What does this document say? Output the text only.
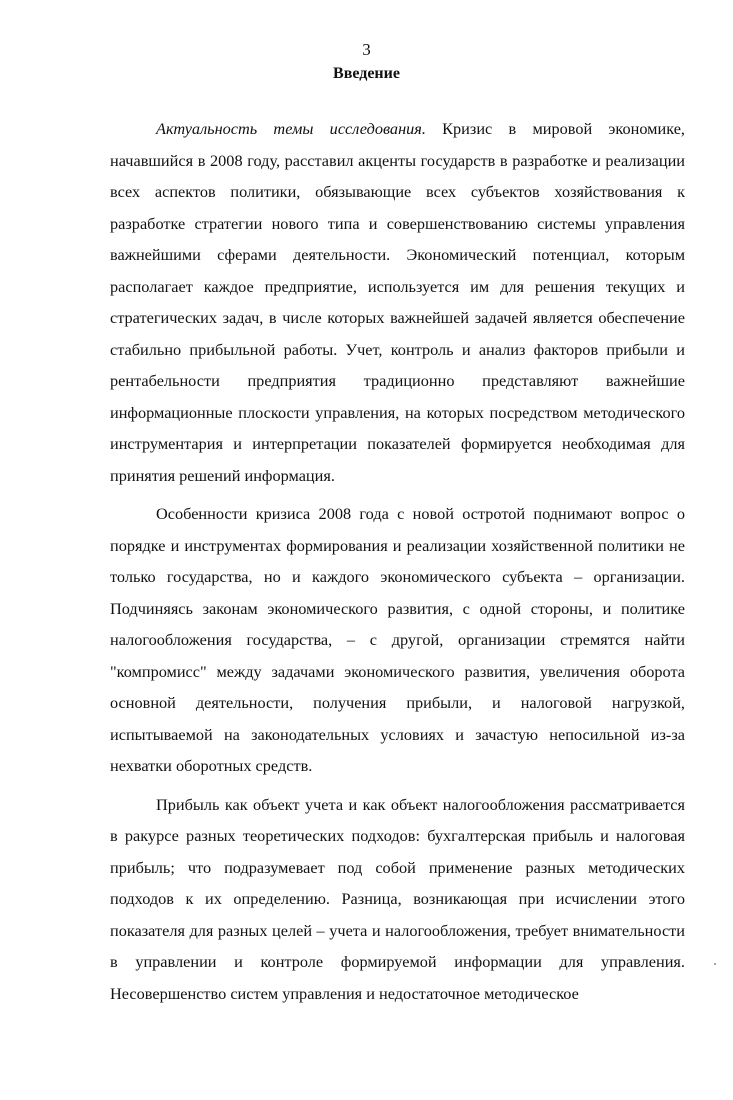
3

Введение

Актуальность темы исследования. Кризис в мировой экономике, начавшийся в 2008 году, расставил акценты государств в разработке и реализации всех аспектов политики, обязывающие всех субъектов хозяйствования к разработке стратегии нового типа и совершенствованию системы управления важнейшими сферами деятельности. Экономический потенциал, которым располагает каждое предприятие, используется им для решения текущих и стратегических задач, в числе которых важнейшей задачей является обеспечение стабильно прибыльной работы. Учет, контроль и анализ факторов прибыли и рентабельности предприятия традиционно представляют важнейшие информационные плоскости управления, на которых посредством методического инструментария и интерпретации показателей формируется необходимая для принятия решений информация.

Особенности кризиса 2008 года с новой остротой поднимают вопрос о порядке и инструментах формирования и реализации хозяйственной политики не только государства, но и каждого экономического субъекта – организации. Подчиняясь законам экономического развития, с одной стороны, и политике налогообложения государства, – с другой, организации стремятся найти "компромисс" между задачами экономического развития, увеличения оборота основной деятельности, получения прибыли, и налоговой нагрузкой, испытываемой на законодательных условиях и зачастую непосильной из-за нехватки оборотных средств.

Прибыль как объект учета и как объект налогообложения рассматривается в ракурсе разных теоретических подходов: бухгалтерская прибыль и налоговая прибыль; что подразумевает под собой применение разных методических подходов к их определению. Разница, возникающая при исчислении этого показателя для разных целей – учета и налогообложения, требует внимательности в управлении и контроле формируемой информации для управления. Несовершенство систем управления и недостаточное методическое
